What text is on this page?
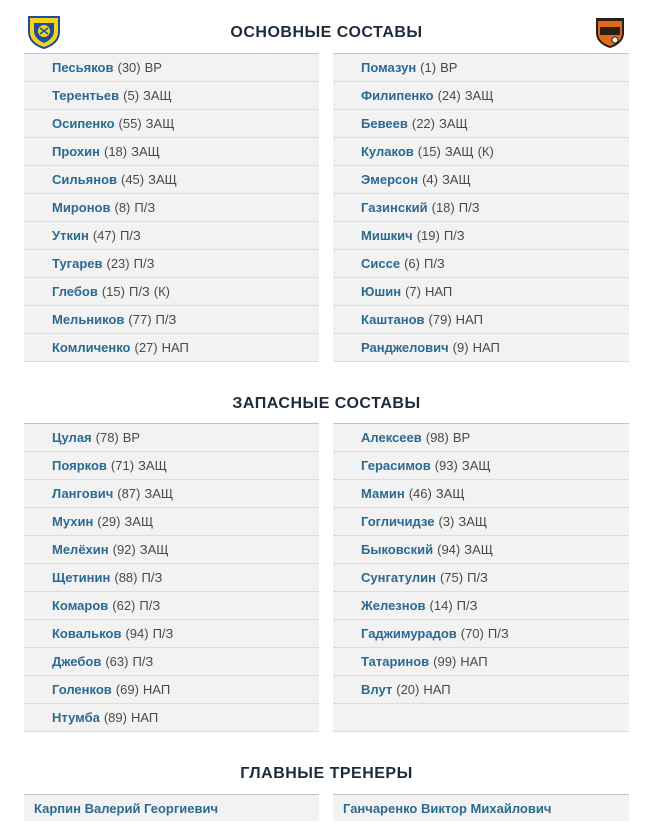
ОСНОВНЫЕ СОСТАВЫ
Песьяков (30) ВР
Терентьев (5) ЗАЩ
Осипенко (55) ЗАЩ
Прохин (18) ЗАЩ
Сильянов (45) ЗАЩ
Миронов (8) П/З
Уткин (47) П/З
Тугарев (23) П/З
Глебов (15) П/З (К)
Мельников (77) П/З
Комличенко (27) НАП
Помазун (1) ВР
Филипенко (24) ЗАЩ
Бевеев (22) ЗАЩ
Кулаков (15) ЗАЩ (К)
Эмерсон (4) ЗАЩ
Газинский (18) П/З
Мишкич (19) П/З
Сиссе (6) П/З
Юшин (7) НАП
Каштанов (79) НАП
Ранджелович (9) НАП
ЗАПАСНЫЕ СОСТАВЫ
Цулая (78) ВР
Поярков (71) ЗАЩ
Лангович (87) ЗАЩ
Мухин (29) ЗАЩ
Мелёхин (92) ЗАЩ
Щетинин (88) П/З
Комаров (62) П/З
Ковальков (94) П/З
Джебов (63) П/З
Голенков (69) НАП
Нтумба (89) НАП
Алексеев (98) ВР
Герасимов (93) ЗАЩ
Мамин (46) ЗАЩ
Гогличидзе (3) ЗАЩ
Быковский (94) ЗАЩ
Сунгатулин (75) П/З
Железнов (14) П/З
Гаджимурадов (70) П/З
Татаринов (99) НАП
Влут (20) НАП
ГЛАВНЫЕ ТРЕНЕРЫ
Карпин Валерий Георгиевич	Ганчаренко Виктор Михайлович
